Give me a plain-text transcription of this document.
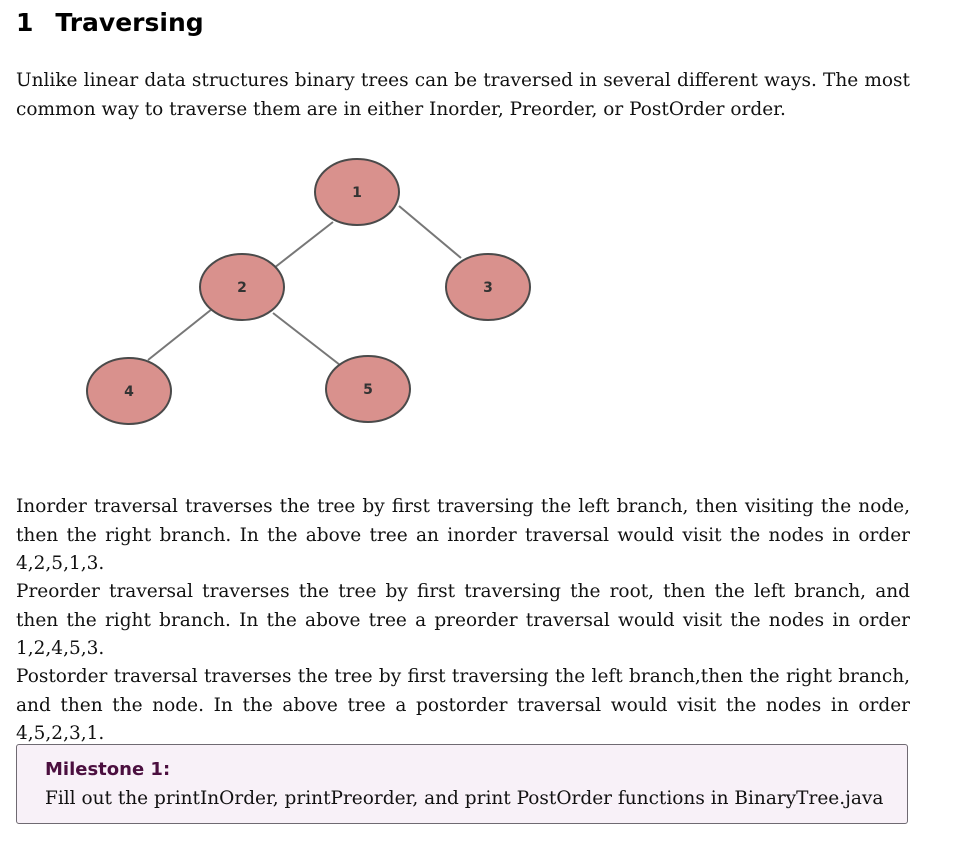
1 Traversing

Unlike linear data structures binary trees can be traversed in several different ways. The most common way to traverse them are in either Inorder, Preorder, or PostOrder order.

1
2	3
4	5

Inorder traversal traverses the tree by first traversing the left branch, then visiting the node, then the right branch. In the above tree an inorder traversal would visit the nodes in order 4,2,5,1,3.

Preorder traversal traverses the tree by first traversing the root, then the left branch, and then the right branch. In the above tree a preorder traversal would visit the nodes in order 1,2,4,5,3.

Postorder traversal traverses the tree by first traversing the left branch,then the right branch, and then the node. In the above tree a postorder traversal would visit the nodes in order 4,5,2,3,1.

Milestone 1:

Fill out the printInOrder, printPreorder, and print PostOrder functions in BinaryTree.java
